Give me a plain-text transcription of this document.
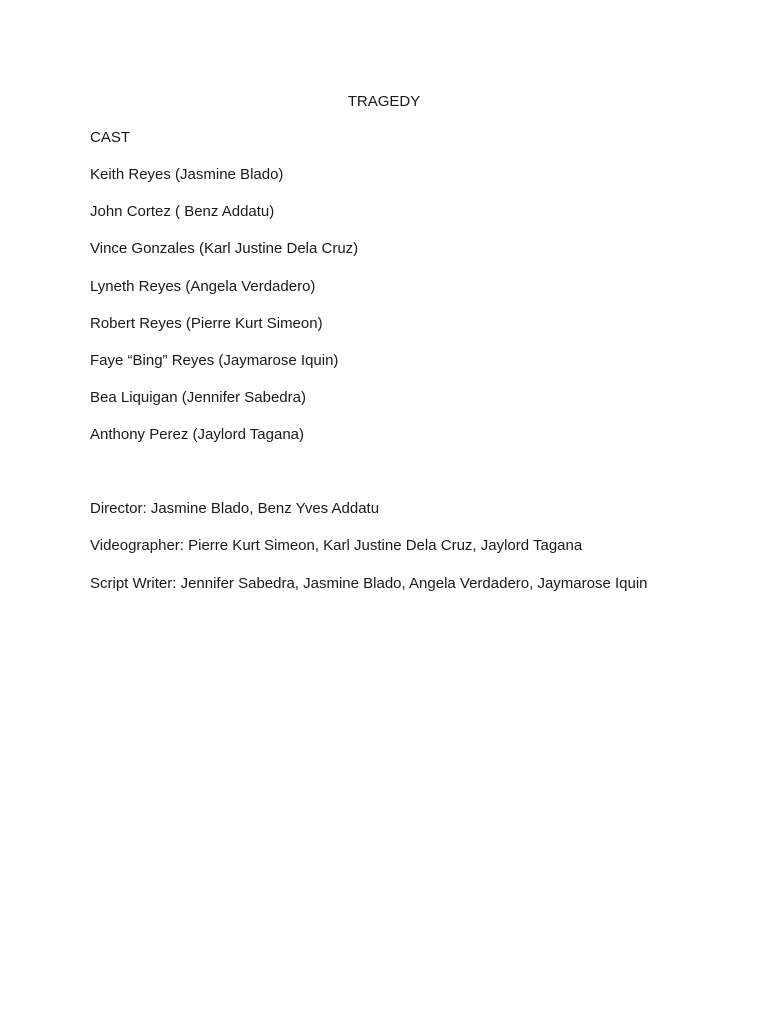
TRAGEDY
CAST
Keith Reyes (Jasmine Blado)
John Cortez ( Benz Addatu)
Vince Gonzales (Karl Justine Dela Cruz)
Lyneth Reyes (Angela Verdadero)
Robert Reyes (Pierre Kurt Simeon)
Faye “Bing” Reyes (Jaymarose Iquin)
Bea Liquigan (Jennifer Sabedra)
Anthony Perez (Jaylord Tagana)
Director: Jasmine Blado, Benz Yves Addatu
Videographer: Pierre Kurt Simeon, Karl Justine Dela Cruz, Jaylord Tagana
Script Writer: Jennifer Sabedra, Jasmine Blado, Angela Verdadero, Jaymarose Iquin
